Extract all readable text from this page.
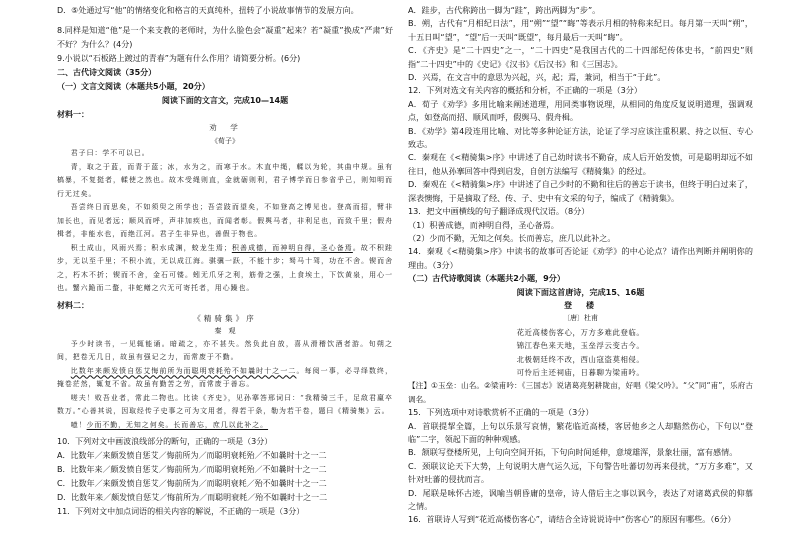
D．⑤处通过写“他”的情绪变化和格言的天真纯朴，扭转了小说故事情节的发展方向。
8.同样是知道“他”是一个来支教的老师时，为什么脸色会“凝重”起来？若“凝重”换成“严肃”好不好？为什么？(4分)
9.小说以“石板路上踱过的青春”为题有什么作用？请简要分析。(6分)
二、古代诗文阅读（35分）
（一）文言文阅读（本题共5小题，20分）
阅读下面的文言文，完成10—14题
材料一：
劝　学
《荀子》

君子曰：学不可以已。

青，取之于蓝，而青于蓝；冰，水为之，而寒于水。木直中绳，輮以为轮，其曲中规。虽有槁暴，不复挺者，輮使之然也。故木受绳则直，金就砺则利，君子博学而日参省乎己，则知明而行无过矣。

吾尝终日而思矣，不如须臾之所学也；吾尝跂而望矣，不如登高之博见也。登高而招，臂非加长也，而见者远；顺风而呼，声非加疾也，而闻者彰。假舆马者，非利足也，而致千里；假舟楫者，非能水也，而绝江河。君子生非异也，善假于物也。

积土成山，风雨兴焉；积水成渊，蛟龙生焉；积善成德，而神明自得，圣心备焉。故不积跬步，无以至千里；不积小流，无以成江海。骐骥一跃，不能十步；驽马十驾，功在不舍。锲而舍之，朽木不折；锲而不舍，金石可镂。蚓无爪牙之利，筋骨之强，上食埃土，下饮黄泉，用心一也。蟹六跪而二螯，非蛇鳝之穴无可寄托者，用心躁也。

材料二：
《精骑集》序
秦　观

予少时读书，一见辄能诵。暗疏之，亦不甚失。然负此自放，喜从滑稽饮酒者游。旬朔之间，把卷无几日，故虽有强记之力，而常废于不勤。

比数年来颇发愤自惩艾悔前所为而聪明衰耗殆不如曩时十之一二。每阅一事，必寻绎数终，掩卷茫然，辄复不省。故虽有勤苦之劳，而常废于善忘。

嗟夫！败吾业者，常此二物也。比读《齐史》，见孙搴答邢词曰：“我精骑三千，足敌君羸卒数万。”心善其说，因取经传子史事之可为文用者，得若干条，勒为若干卷，题曰《精骑集》云。

噫！少而不勤，无知之何矣。长而善忘，庶几以此补之。

10．下列对文中画波浪线部分的断句，正确的一项是（3分）
A．比数年／来颇发愤自惩艾／悔前所为／而聪明衰耗殆／不如曩时十之一二
B．比数年来／颇发愤自惩艾／悔前所为／而聪明衰耗殆／不如曩时十之一二
C．比数年／来颇发愤自惩艾／悔前所为／而聪明衰耗／殆不如曩时十之一二
D．比数年来／颇发愤自惩艾／悔前所为／而聪明衰耗／殆不如曩时十之一二
11．下列对文中加点词语的相关内容的解说，不正确的一项是（3分）
A．跬步，古代称跨出一脚为“跬”，跨出两脚为“步”。
B．朔，古代有“月相纪日法”，用“朔”“望”“晦”等表示月相的特称来纪日。每月第一天叫“朔”，十五日叫“望”，“望”后一天叫“既望”，每月最后一天叫“晦”。
C．《齐史》是“二十四史”之一，“二十四史”是我国古代的二十四部纪传体史书，“前四史”则指“二十四史”中的《史记》《汉书》《后汉书》和《三国志》。
D．兴焉，在文言中的意思为兴起，兴，起；焉，兼词，相当于“于此”。
12．下列对选文有关内容的概括和分析，不正确的一项是（3分）
A．荀子《劝学》多用比喻来阐述道理，用同类事物说理，从相同的角度反复说明道理，强调观点，如登高而招、顺风而呼，假舆马、假舟楫。
B．《劝学》第4段连用比喻、对比等多种论证方法，论证了学习应该注重积累、持之以恒、专心致志。
C．秦观在《<精骑集>序》中讲述了自己幼时读书不勤奋，成人后开始发愤，可是聪明却远不如往日，他从孙搴回答中得到启发，自创方法编写《精骑集》的经过。
D．秦观在《<精骑集>序》中讲述了自己少时的不勤和往后的善忘于读书，但终于明白过来了，深表懊悔，于是摘取了经、传、子、史中有文采的句子，编成了《精骑集》。
13．把文中画横线的句子翻译成现代汉语。（8分）
（1）积善成德，而神明自得，圣心备焉。
（2）少而不勤，无知之何矣。长而善忘，庶几以此补之。
14．秦观《<精骑集>序》中读书的故事可否论证《劝学》的中心论点？请作出判断并阐明你的理由。（3分）
（二）古代诗歌阅读（本题共2小题，9分）
阅读下面这首唐诗，完成15、16题
登　楼
〔唐〕杜甫
花近高楼伤客心，万方多难此登临。
锦江春色来天地，玉垒浮云变古今。
北极朝廷终不改，西山寇盗莫相侵。
可怜后主还祠庙，日暮聊为梁甫吟。
【注】①玉垒：山名。②梁甫吟：《三国志》说诸葛亮躬耕陇亩，好唱《梁父吟》。“父”同“甫”，乐府古调名。
15．下列选项中对诗歌赏析不正确的一项是（3分）
A．首联提挈全篇，上句以乐景写哀情，繁花临近高楼，客居他乡之人却黯然伤心，下句以“登临”二字，领起下面的种种观感。
B．颔联写登楼所见，上句向空间开拓，下句向时间延伸，意境雄浑，景象壮丽，富有感情。
C．颈联议论天下大势，上句说明大唐气运久远，下句警告吐蕃切勿再来侵扰，“万方多难”，又针对吐蕃的侵扰而言。
D．尾联是咏怀古迹，讽喻当朝昏庸的皇帝，诗人借后主之事以讽今，表达了对诸葛武侯的仰慕之情。
16．首联诗人写到“花近高楼伤客心”，请结合全诗说说诗中“伤客心”的原因有哪些。（6分）
